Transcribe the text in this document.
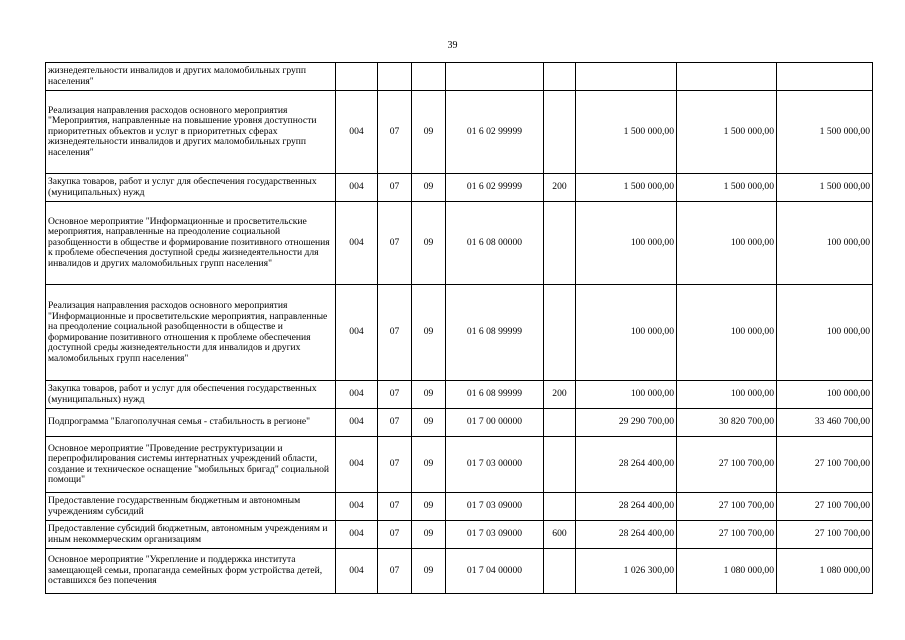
39
жизнедеятельности инвалидов и других маломобильных групп населения"								
Реализация направления расходов основного мероприятия "Мероприятия, направленные на повышение уровня доступности приоритетных объектов и услуг в приоритетных сферах жизнедеятельности инвалидов и других маломобильных групп населения"	004	07	09	01 6 02 99999		1 500 000,00	1 500 000,00	1 500 000,00
Закупка товаров, работ и услуг для обеспечения государственных (муниципальных) нужд	004	07	09	01 6 02 99999	200	1 500 000,00	1 500 000,00	1 500 000,00
Основное мероприятие "Информационные и просветительские мероприятия, направленные на преодоление социальной разобщенности в обществе и формирование позитивного отношения к проблеме обеспечения доступной среды жизнедеятельности для инвалидов и других маломобильных групп населения"	004	07	09	01 6 08 00000		100 000,00	100 000,00	100 000,00
Реализация направления расходов основного мероприятия "Информационные и просветительские мероприятия, направленные на преодоление социальной разобщенности в обществе и формирование позитивного отношения к проблеме обеспечения доступной среды жизнедеятельности для инвалидов и других маломобильных групп населения"	004	07	09	01 6 08 99999		100 000,00	100 000,00	100 000,00
Закупка товаров, работ и услуг для обеспечения государственных (муниципальных) нужд	004	07	09	01 6 08 99999	200	100 000,00	100 000,00	100 000,00
Подпрограмма "Благополучная семья - стабильность в регионе"	004	07	09	01 7 00 00000		29 290 700,00	30 820 700,00	33 460 700,00
Основное мероприятие "Проведение реструктуризации и перепрофилирования системы интернатных учреждений области, создание и техническое оснащение "мобильных бригад" социальной помощи"	004	07	09	01 7 03 00000		28 264 400,00	27 100 700,00	27 100 700,00
Предоставление государственным бюджетным и автономным учреждениям субсидий	004	07	09	01 7 03 09000		28 264 400,00	27 100 700,00	27 100 700,00
Предоставление субсидий бюджетным, автономным учреждениям и иным некоммерческим организациям	004	07	09	01 7 03 09000	600	28 264 400,00	27 100 700,00	27 100 700,00
Основное мероприятие "Укрепление и поддержка института замещающей семьи, пропаганда семейных форм устройства детей, оставшихся без попечения	004	07	09	01 7 04 00000		1 026 300,00	1 080 000,00	1 080 000,00
